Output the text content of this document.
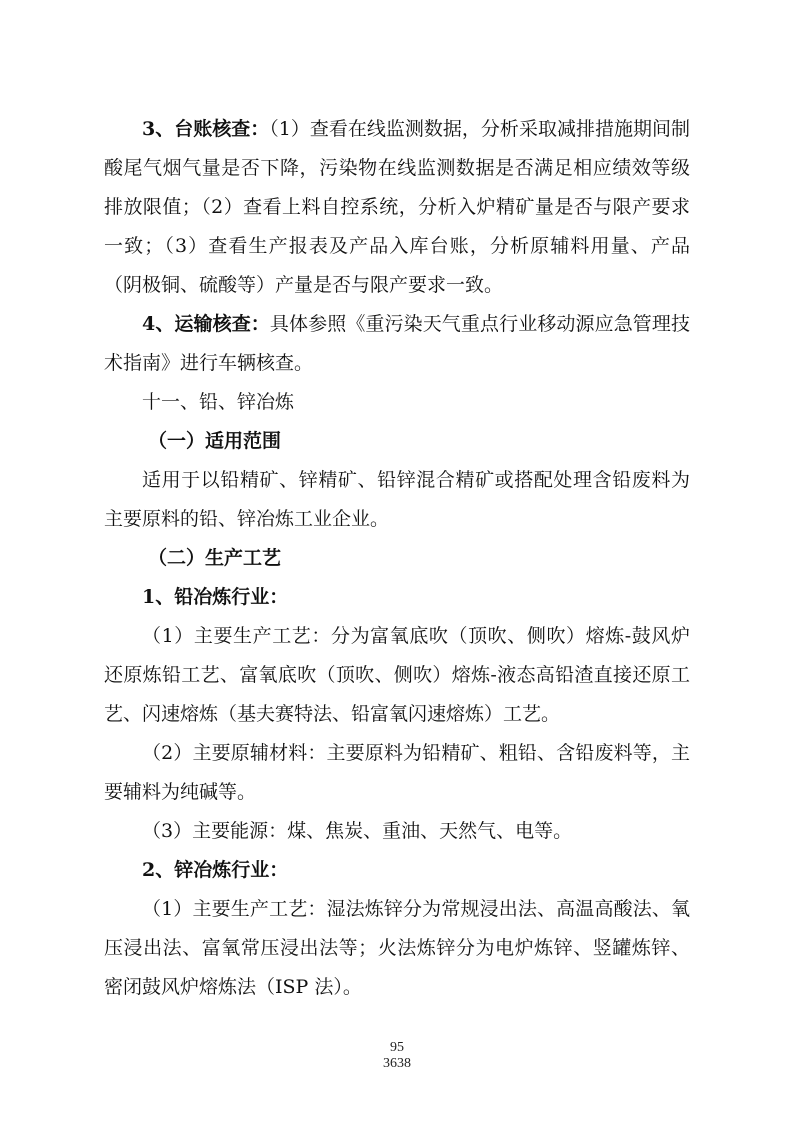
3、台账核查：（1）查看在线监测数据，分析采取减排措施期间制酸尾气烟气量是否下降，污染物在线监测数据是否满足相应绩效等级排放限值；（2）查看上料自控系统，分析入炉精矿量是否与限产要求一致；（3）查看生产报表及产品入库台账，分析原辅料用量、产品（阴极铜、硫酸等）产量是否与限产要求一致。

4、运输核查：具体参照《重污染天气重点行业移动源应急管理技术指南》进行车辆核查。

十一、铅、锌冶炼

（一）适用范围

适用于以铅精矿、锌精矿、铅锌混合精矿或搭配处理含铅废料为主要原料的铅、锌冶炼工业企业。

（二）生产工艺

1、铅冶炼行业：

（1）主要生产工艺：分为富氧底吹（顶吹、侧吹）熔炼-鼓风炉还原炼铅工艺、富氧底吹（顶吹、侧吹）熔炼-液态高铅渣直接还原工艺、闪速熔炼（基夫赛特法、铅富氧闪速熔炼）工艺。

（2）主要原辅材料：主要原料为铅精矿、粗铅、含铅废料等，主要辅料为纯碱等。

（3）主要能源：煤、焦炭、重油、天然气、电等。

2、锌冶炼行业：

（1）主要生产工艺：湿法炼锌分为常规浸出法、高温高酸法、氧压浸出法、富氧常压浸出法等；火法炼锌分为电炉炼锌、竖罐炼锌、密闭鼓风炉熔炼法（ISP 法）。

95
3638
